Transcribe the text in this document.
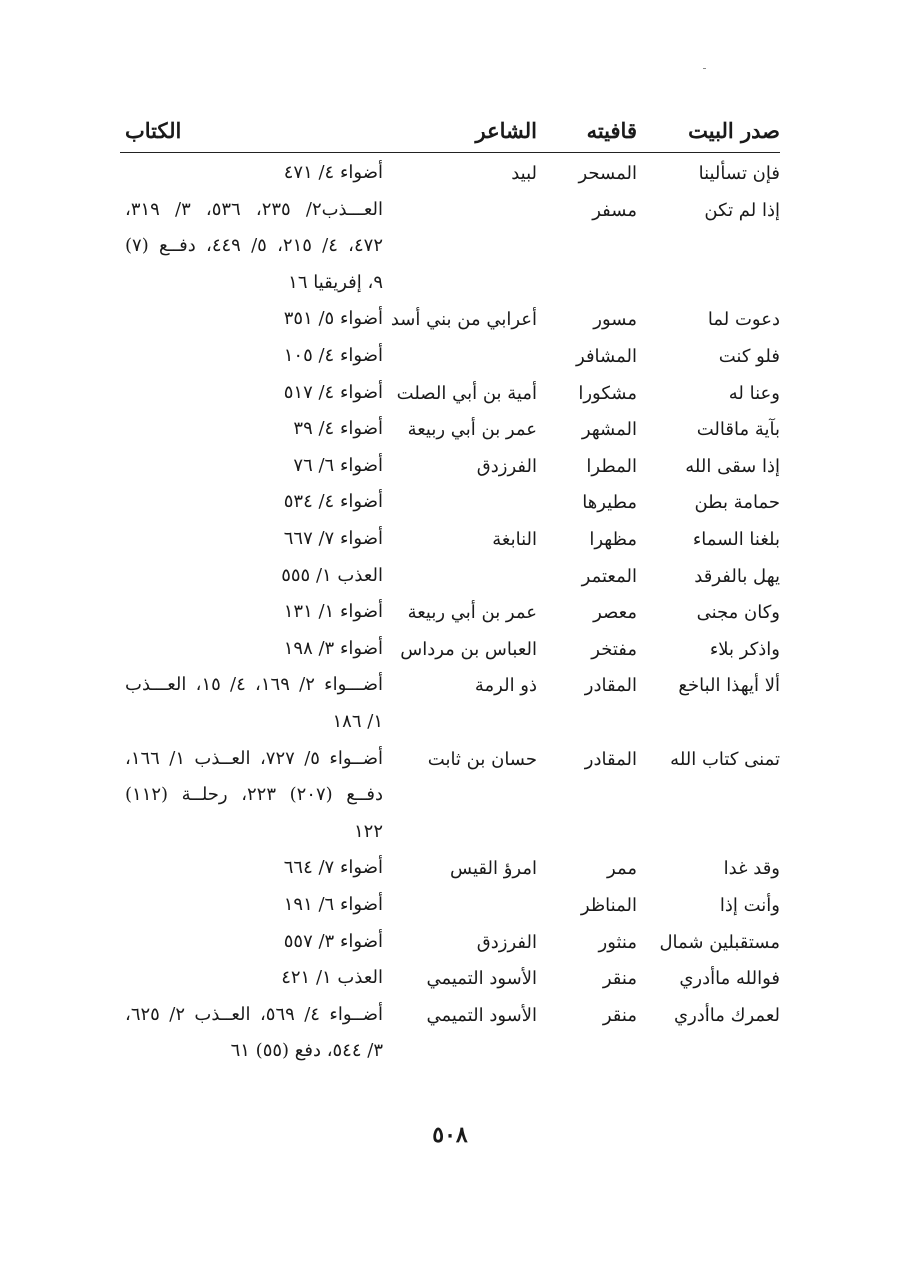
صدر البيت
قافيته
الشاعر
الكتاب
فإن تسألينا
المسحر
لبيد
أضواء ٤/ ٤٧١
إذا لم تكن
مسفر
العـــذب٢/ ٢٣٥، ٥٣٦، ٣/ ٣١٩،
٤٧٢، ٤/ ٢١٥، ٥/ ٤٤٩، دفــع (٧)
٩، إفريقيا ١٦
دعوت لما
مسور
أعرابي من بني أسد
أضواء ٥/ ٣٥١
فلو كنت
المشافر
أضواء ٤/ ١٠٥
وعنا له
مشكورا
أمية بن أبي الصلت
أضواء ٤/ ٥١٧
بآية ماقالت
المشهر
عمر بن أبي ربيعة
أضواء ٤/ ٣٩
إذا سقى الله
المطرا
الفرزدق
أضواء ٦/ ٧٦
حمامة بطن
مطيرها
أضواء ٤/ ٥٣٤
بلغنا السماء
مظهرا
النابغة
أضواء ٧/ ٦٦٧
يهل بالفرقد
المعتمر
العذب ١/ ٥٥٥
وكان مجنى
معصر
عمر بن أبي ربيعة
أضواء ١/ ١٣١
واذكر بلاء
مفتخر
العباس بن مرداس
أضواء ٣/ ١٩٨
ألا أيهذا الباخع
المقادر
ذو الرمة
أضـــواء ٢/ ١٦٩، ٤/ ١٥، العـــذب
١/ ١٨٦
تمنى كتاب الله
المقادر
حسان بن ثابت
أضــواء ٥/ ٧٢٧، العــذب ١/ ١٦٦،
دفــع (٢٠٧) ٢٢٣، رحلــة (١١٢)
١٢٢
وقد غدا
ممر
امرؤ القيس
أضواء ٧/ ٦٦٤
وأنت إذا
المناظر
أضواء ٦/ ١٩١
مستقبلين شمال
منثور
الفرزدق
أضواء ٣/ ٥٥٧
فوالله ماأدري
منقر
الأسود التميمي
العذب ١/ ٤٢١
لعمرك ماأدري
منقر
الأسود التميمي
أضــواء ٤/ ٥٦٩، العــذب ٢/ ٦٢٥،
٣/ ٥٤٤، دفع (٥٥) ٦١
٥٠٨
